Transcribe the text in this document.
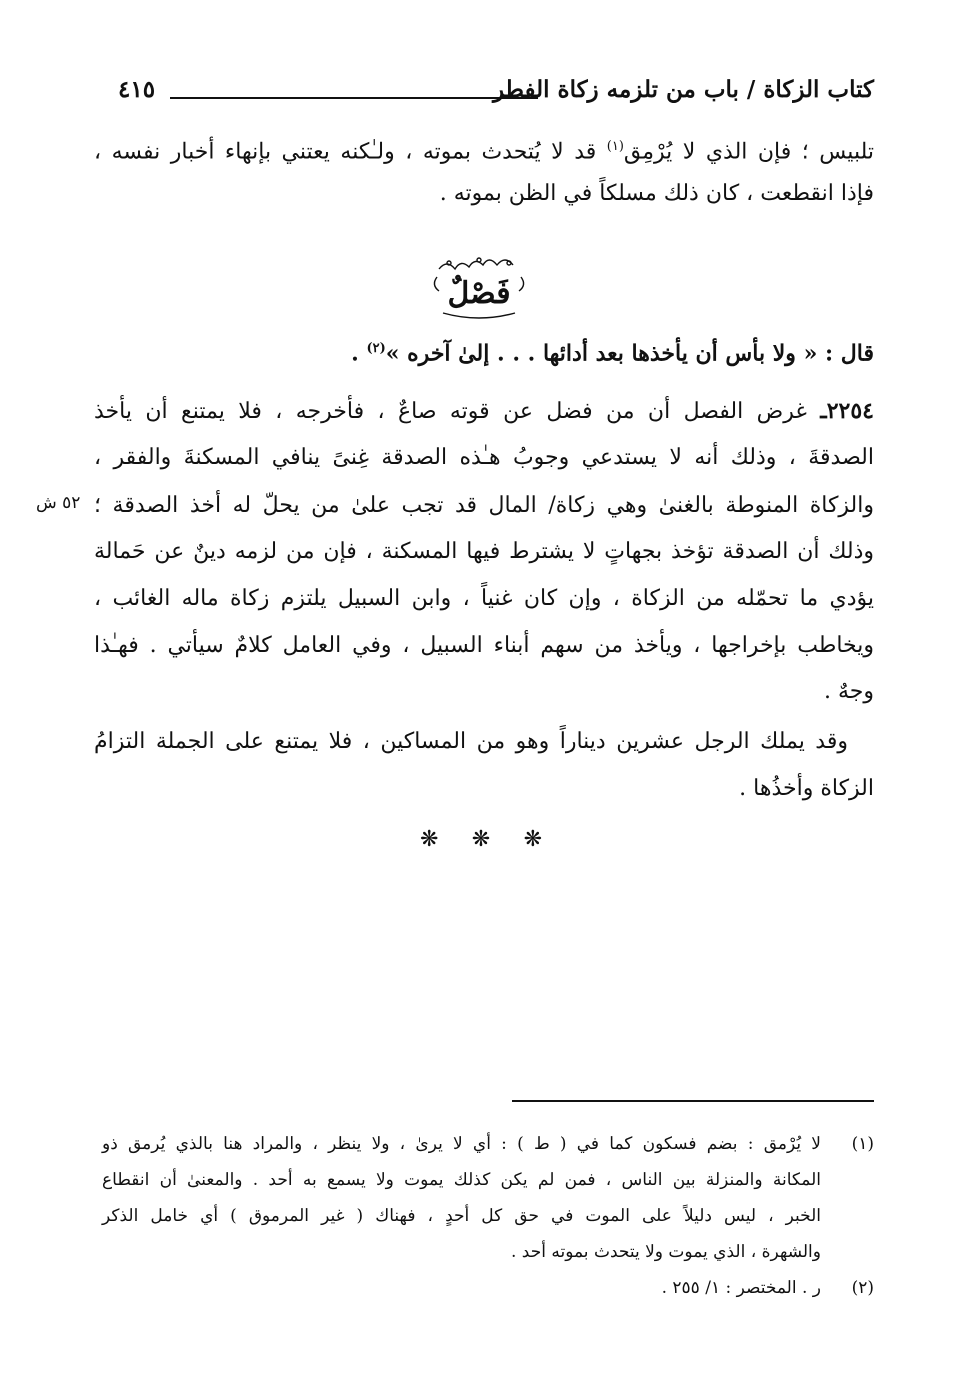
كتاب الزكاة / باب من تلزمه زكاة الفطر
٤١٥
تلبيس ؛ فإن الذي لا يُرْمِق$^{(١)}$ قد لا يُتحدث بموته ، ولـٰكنه يعتني بإنهاء أخبار نفسه ،
فإذا انقطعت ، كان ذلك مسلكاً في الظن بموته .
فَصْلٌ
قال : « ولا بأس أن يأخذها بعد أدائها . . . إلىٰ آخره »$^{(٢)}$ .
٢٢٥٤ـ غرض الفصل أن من فضل عن قوته صاعٌ ، فأخرجه ، فلا يمتنع أن يأخذ
الصدقةَ ، وذلك أنه لا يستدعي وجوبُ هـٰذه الصدقة غِنىً ينافي المسكنةَ والفقر ،
والزكاة المنوطة بالغنىٰ وهي زكاة/ المال قد تجب علىٰ من يحلّ له أخذ الصدقة ؛
وذلك أن الصدقة تؤخذ بجهاتٍ لا يشترط فيها المسكنة ، فإن من لزمه دينٌ عن حَمالة
يؤدي ما تحمّله من الزكاة ، وإن كان غنياً ، وابن السبيل يلتزم زكاة ماله الغائب ،
ويخاطب بإخراجها ، ويأخذ من سهم أبناء السبيل ، وفي العامل كلامٌ سيأتي . فهـٰذا
وجهٌ .
٥٢ ش
وقد يملك الرجل عشرين ديناراً وهو من المساكين ، فلا يمتنع على الجملة التزامُ
الزكاة وأخذُها .
❋ ❋ ❋
(١)
لا يُرْمق : بضم فسكون كما في ( ط ) : أي لا يرىٰ ، ولا ينظر ، والمراد هنا بالذي يُرمق ذو
المكانة والمنزلة بين الناس ، فمن لم يكن كذلك يموت ولا يسمع به أحد . والمعنىٰ أن انقطاع
الخبر ، ليس دليلاً على الموت في حق كل أحدٍ ، فهناك ( غير المرموق ) أي خامل الذكر
والشهرة ، الذي يموت ولا يتحدث بموته أحد .
(٢)
ر . المختصر : ١/ ٢٥٥ .
